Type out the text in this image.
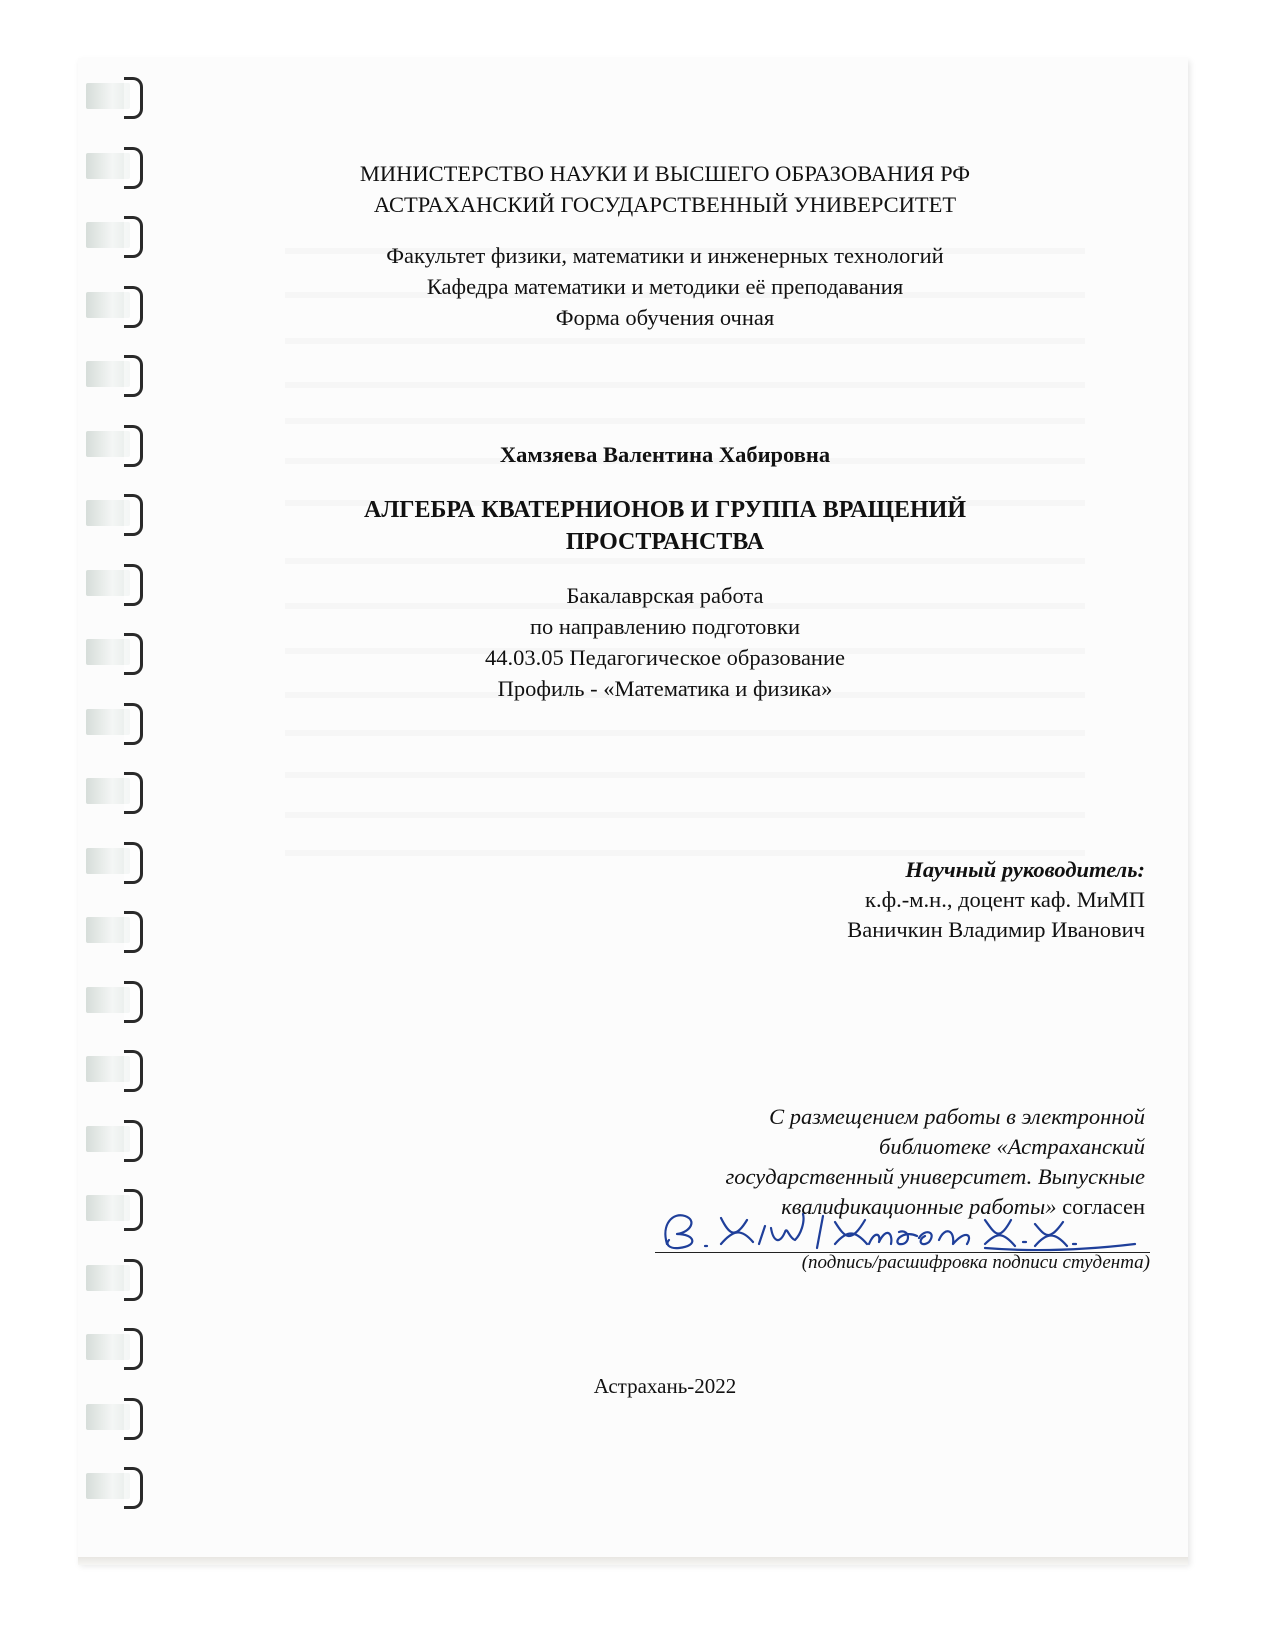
МИНИСТЕРСТВО НАУКИ И ВЫСШЕГО ОБРАЗОВАНИЯ РФ
АСТРАХАНСКИЙ ГОСУДАРСТВЕННЫЙ УНИВЕРСИТЕТ
Факультет физики, математики и инженерных технологий
Кафедра математики и методики её преподавания
Форма обучения очная
Хамзяева Валентина Хабировна
АЛГЕБРА КВАТЕРНИОНОВ И ГРУППА ВРАЩЕНИЙ
ПРОСТРАНСТВА
Бакалаврская работа
по направлению подготовки
44.03.05 Педагогическое образование
Профиль - «Математика и физика»
Научный руководитель:
к.ф.-м.н., доцент каф. МиМП
Ваничкин Владимир Иванович
С размещением работы в электронной
библиотеке «Астраханский
государственный университет. Выпускные
квалификационные работы» согласен
(подпись/расшифровка подписи студента)
Астрахань-2022
